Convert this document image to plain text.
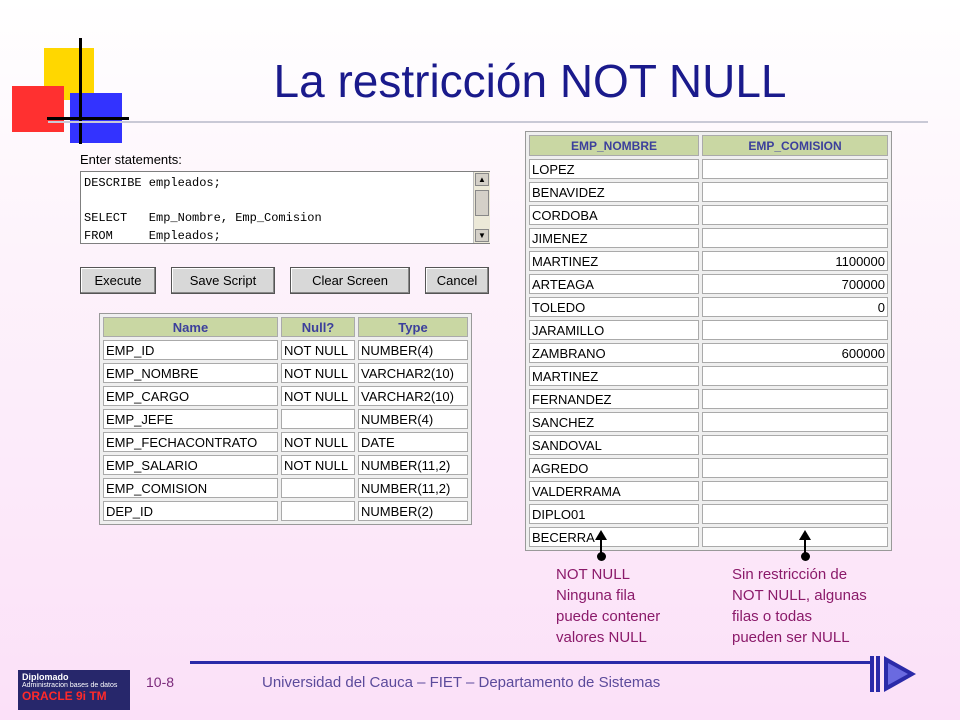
La restricción NOT NULL
Enter statements:
DESCRIBE empleados;

SELECT   Emp_Nombre, Emp_Comision
FROM     Empleados;
▲
▼
Execute	Save Script	Clear Screen	Cancel
Name	Null?	Type
EMP_ID	NOT NULL	NUMBER(4)
EMP_NOMBRE	NOT NULL	VARCHAR2(10)
EMP_CARGO	NOT NULL	VARCHAR2(10)
EMP_JEFE		NUMBER(4)
EMP_FECHACONTRATO	NOT NULL	DATE
EMP_SALARIO	NOT NULL	NUMBER(11,2)
EMP_COMISION		NUMBER(11,2)
DEP_ID		NUMBER(2)
EMP_NOMBRE	EMP_COMISION
LOPEZ	
BENAVIDEZ	
CORDOBA	
JIMENEZ	
MARTINEZ	1100000
ARTEAGA	700000
TOLEDO	0
JARAMILLO	
ZAMBRANO	600000
MARTINEZ	
FERNANDEZ	
SANCHEZ	
SANDOVAL	
AGREDO	
VALDERRAMA	
DIPLO01	
BECERRA	
NOT NULL
Ninguna fila
puede contener
valores NULL
Sin restricción de
NOT NULL, algunas
filas o todas
pueden ser NULL
Diplomado
Administracion bases de datos
ORACLE 9i TM
10-8	Universidad del Cauca – FIET – Departamento de Sistemas
